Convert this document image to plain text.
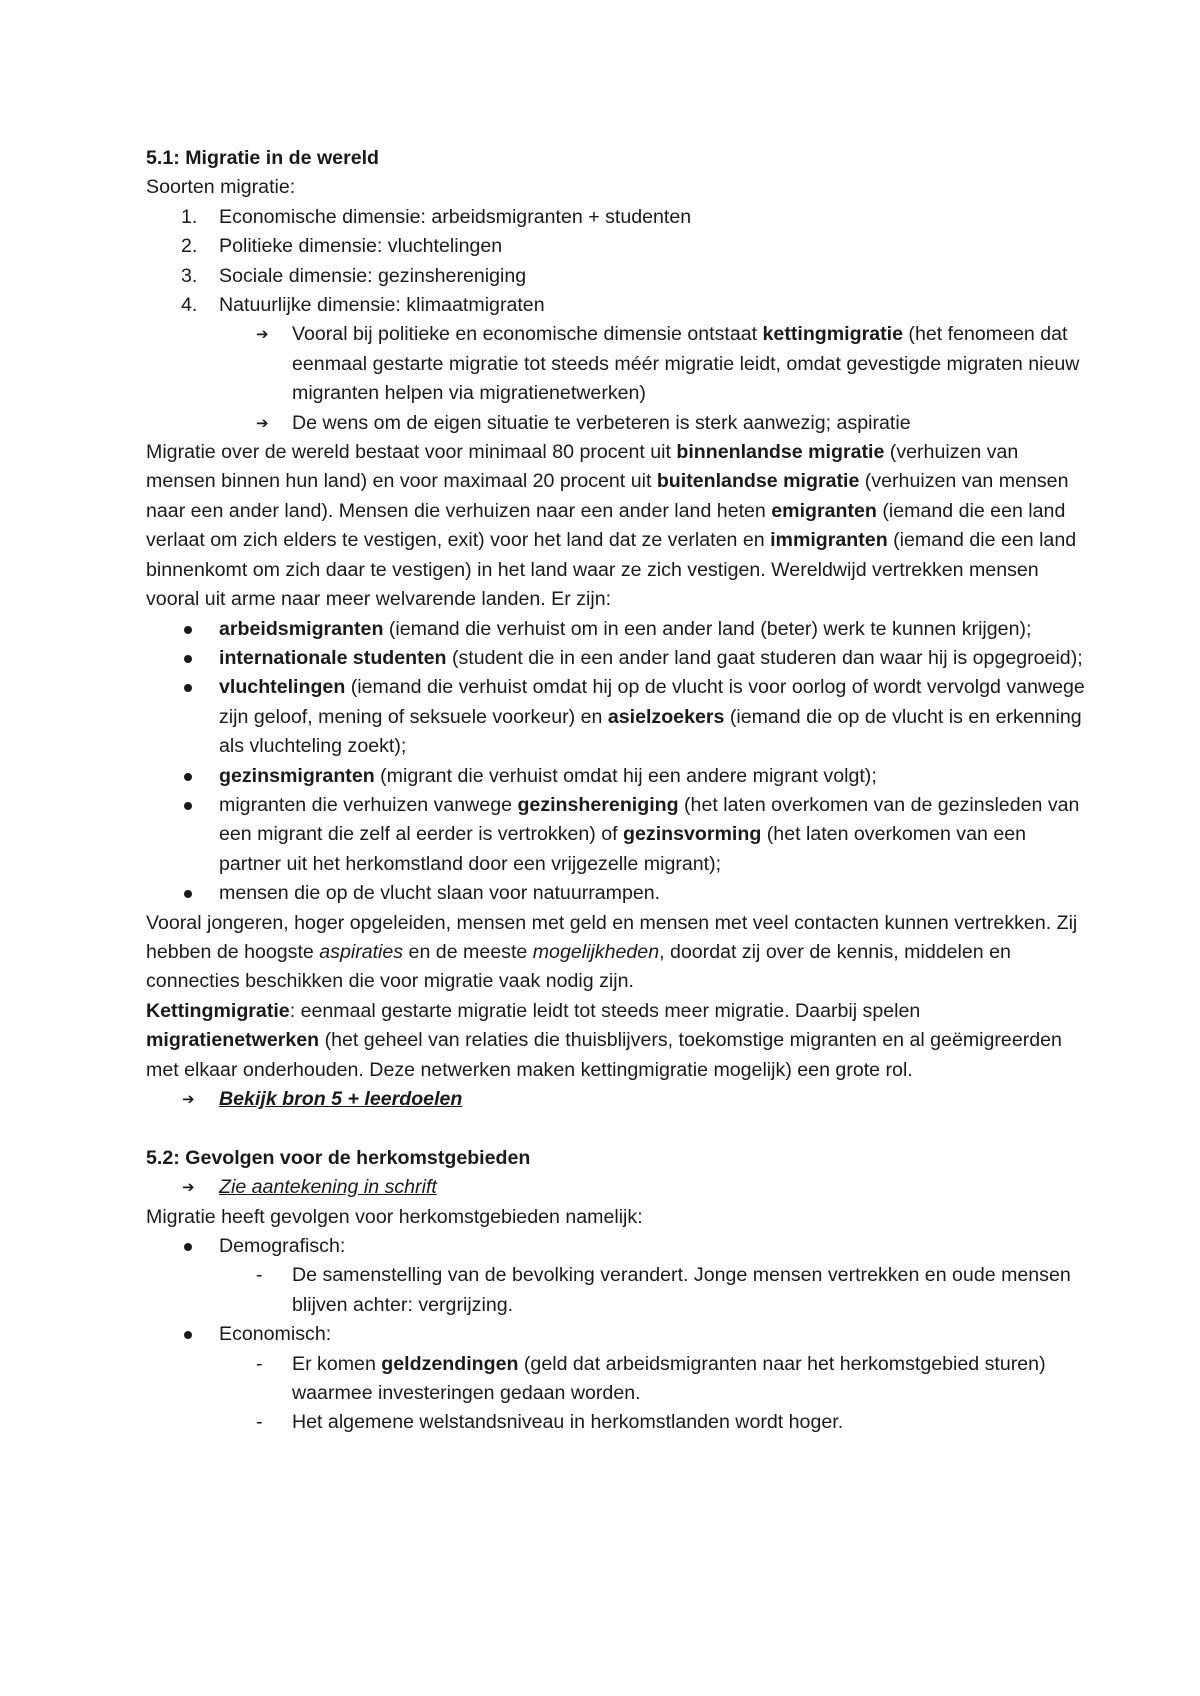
5.1: Migratie in de wereld

Soorten migratie:

1.	Economische dimensie: arbeidsmigranten + studenten
2.	Politieke dimensie: vluchtelingen
3.	Sociale dimensie: gezinshereniging
4.	Natuurlijke dimensie: klimaatmigraten
➔ Vooral bij politieke en economische dimensie ontstaat kettingmigratie (het fenomeen dat eenmaal gestarte migratie tot steeds méér migratie leidt, omdat gevestigde migraten nieuw migranten helpen via migratienetwerken)
➔ De wens om de eigen situatie te verbeteren is sterk aanwezig; aspiratie

Migratie over de wereld bestaat voor minimaal 80 procent uit binnenlandse migratie (verhuizen van mensen binnen hun land) en voor maximaal 20 procent uit buitenlandse migratie (verhuizen van mensen naar een ander land). Mensen die verhuizen naar een ander land heten emigranten (iemand die een land verlaat om zich elders te vestigen, exit) voor het land dat ze verlaten en immigranten (iemand die een land binnenkomt om zich daar te vestigen) in het land waar ze zich vestigen. Wereldwijd vertrekken mensen vooral uit arme naar meer welvarende landen. Er zijn:

arbeidsmigranten (iemand die verhuist om in een ander land (beter) werk te kunnen krijgen);
internationale studenten (student die in een ander land gaat studeren dan waar hij is opgegroeid);
vluchtelingen (iemand die verhuist omdat hij op de vlucht is voor oorlog of wordt vervolgd vanwege zijn geloof, mening of seksuele voorkeur) en asielzoekers (iemand die op de vlucht is en erkenning als vluchteling zoekt);
gezinsmigranten (migrant die verhuist omdat hij een andere migrant volgt);
migranten die verhuizen vanwege gezinshereniging (het laten overkomen van de gezinsleden van een migrant die zelf al eerder is vertrokken) of gezinsvorming (het laten overkomen van een partner uit het herkomstland door een vrijgezelle migrant);
mensen die op de vlucht slaan voor natuurrampen.

Vooral jongeren, hoger opgeleiden, mensen met geld en mensen met veel contacten kunnen vertrekken. Zij hebben de hoogste aspiraties en de meeste mogelijkheden, doordat zij over de kennis, middelen en connecties beschikken die voor migratie vaak nodig zijn.

Kettingmigratie: eenmaal gestarte migratie leidt tot steeds meer migratie. Daarbij spelen migratienetwerken (het geheel van relaties die thuisblijvers, toekomstige migranten en al geëmigreerden met elkaar onderhouden. Deze netwerken maken kettingmigratie mogelijk) een grote rol.

➔ Bekijk bron 5 + leerdoelen

5.2: Gevolgen voor de herkomstgebieden

➔ Zie aantekening in schrift

Migratie heeft gevolgen voor herkomstgebieden namelijk:

Demografisch:
- De samenstelling van de bevolking verandert. Jonge mensen vertrekken en oude mensen blijven achter: vergrijzing.
Economisch:
- Er komen geldzendingen (geld dat arbeidsmigranten naar het herkomstgebied sturen) waarmee investeringen gedaan worden.
- Het algemene welstandsniveau in herkomstlanden wordt hoger.
